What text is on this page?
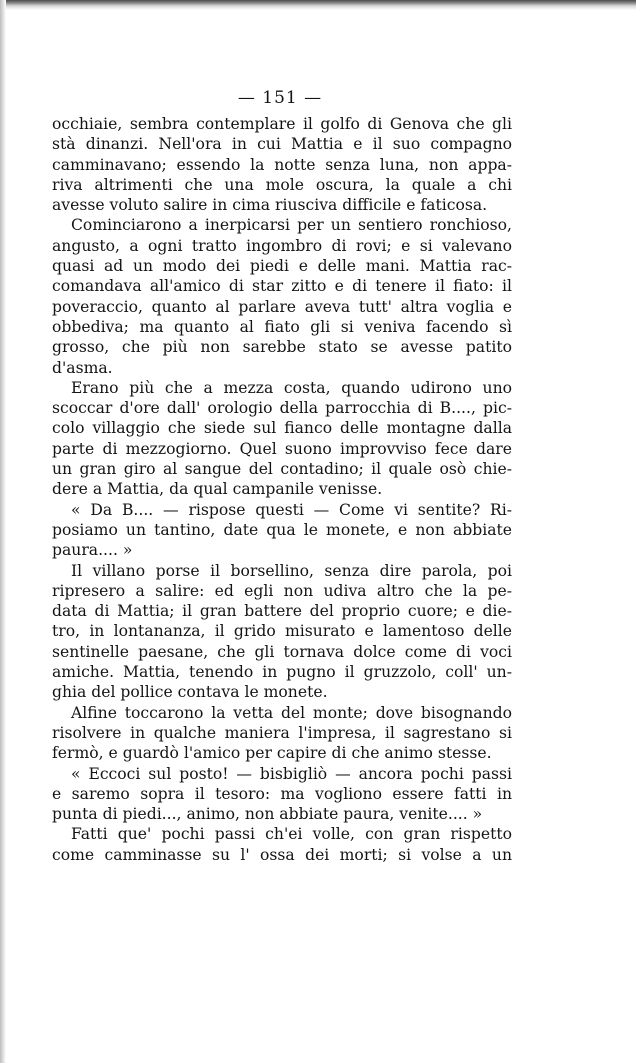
— 151 —
occhiaie, sembra contemplare il golfo di Genova che gli
stà dinanzi. Nell'ora in cui Mattia e il suo compagno
camminavano; essendo la notte senza luna, non appa-
riva altrimenti che una mole oscura, la quale a chi
avesse voluto salire in cima riusciva difficile e faticosa.
Cominciarono a inerpicarsi per un sentiero ronchioso,
angusto, a ogni tratto ingombro di rovi; e si valevano
quasi ad un modo dei piedi e delle mani. Mattia rac-
comandava all'amico di star zitto e di tenere il fiato: il
poveraccio, quanto al parlare aveva tutt' altra voglia e
obbediva; ma quanto al fiato gli si veniva facendo sì
grosso, che più non sarebbe stato se avesse patito
d'asma.
Erano più che a mezza costa, quando udirono uno
scoccar d'ore dall' orologio della parrocchia di B...., pic-
colo villaggio che siede sul fianco delle montagne dalla
parte di mezzogiorno. Quel suono improvviso fece dare
un gran giro al sangue del contadino; il quale osò chie-
dere a Mattia, da qual campanile venisse.
« Da B.... — rispose questi — Come vi sentite? Ri-
posiamo un tantino, date qua le monete, e non abbiate
paura.... »
Il villano porse il borsellino, senza dire parola, poi
ripresero a salire: ed egli non udiva altro che la pe-
data di Mattia; il gran battere del proprio cuore; e die-
tro, in lontananza, il grido misurato e lamentoso delle
sentinelle paesane, che gli tornava dolce come di voci
amiche. Mattia, tenendo in pugno il gruzzolo, coll' un-
ghia del pollice contava le monete.
Alfine toccarono la vetta del monte; dove bisognando
risolvere in qualche maniera l'impresa, il sagrestano si
fermò, e guardò l'amico per capire di che animo stesse.
« Eccoci sul posto! — bisbigliò — ancora pochi passi
e saremo sopra il tesoro: ma vogliono essere fatti in
punta di piedi..., animo, non abbiate paura, venite.... »
Fatti que' pochi passi ch'ei volle, con gran rispetto
come camminasse su l' ossa dei morti; si volse a un
